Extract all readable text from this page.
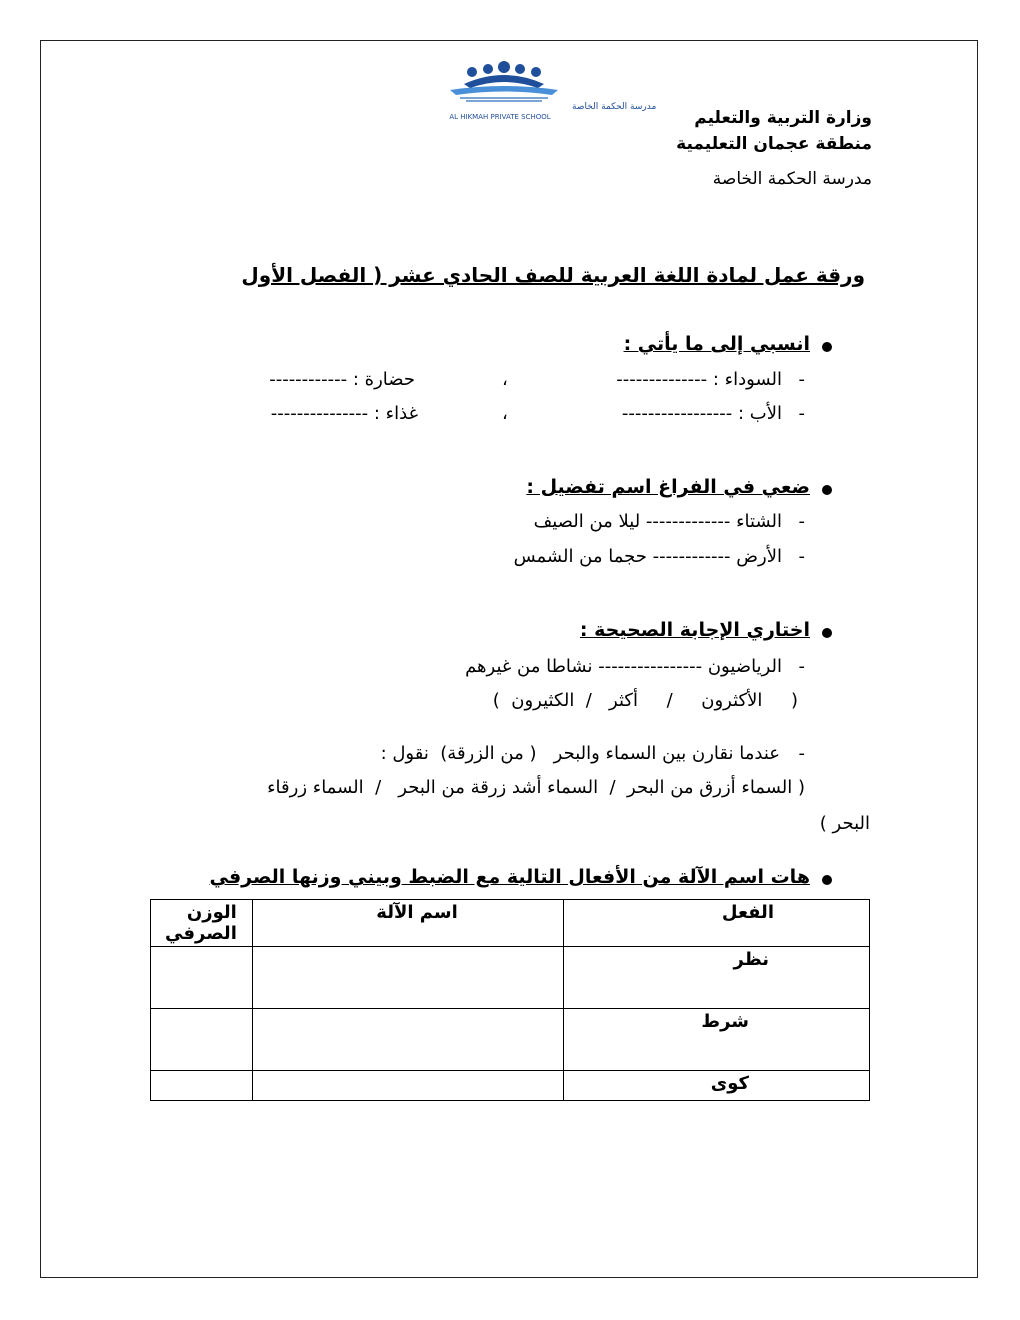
مدرسة الحكمة الخاصة
AL HIKMAH PRIVATE SCHOOL	وزارة التربية والتعليم
منطقة عجمان التعليمية
مدرسة الحكمة الخاصة
ورقة عمل لمادة اللغة العربية للصف الحادي عشر ( الفصل الأول
انسبي إلى ما يأتي :
-
السوداء : --------------
،
حضارة : ------------
-
الأب : -----------------
،
غذاء : ---------------
ضعي في الفراغ اسم تفضيل :
-
الشتاء ------------- ليلا من الصيف
-
الأرض ------------ حجما من الشمس
اختاري الإجابة الصحيحة :
-
الرياضيون ---------------- نشاطا من غيرهم
(     الأكثرون     /     أكثر   /  الكثيرون  )
-
عندما نقارن بين السماء والبحر   ( من الزرقة)  نقول :
( السماء أزرق من البحر  /  السماء أشد زرقة من البحر   /  السماء زرقاء
البحر )
هات اسم الآلة من الأفعال التالية مع الضبط وبيني وزنها الصرفي
الفعل	اسم الآلة	الوزن الصرفي
نظر		
شرط		
كوى		
